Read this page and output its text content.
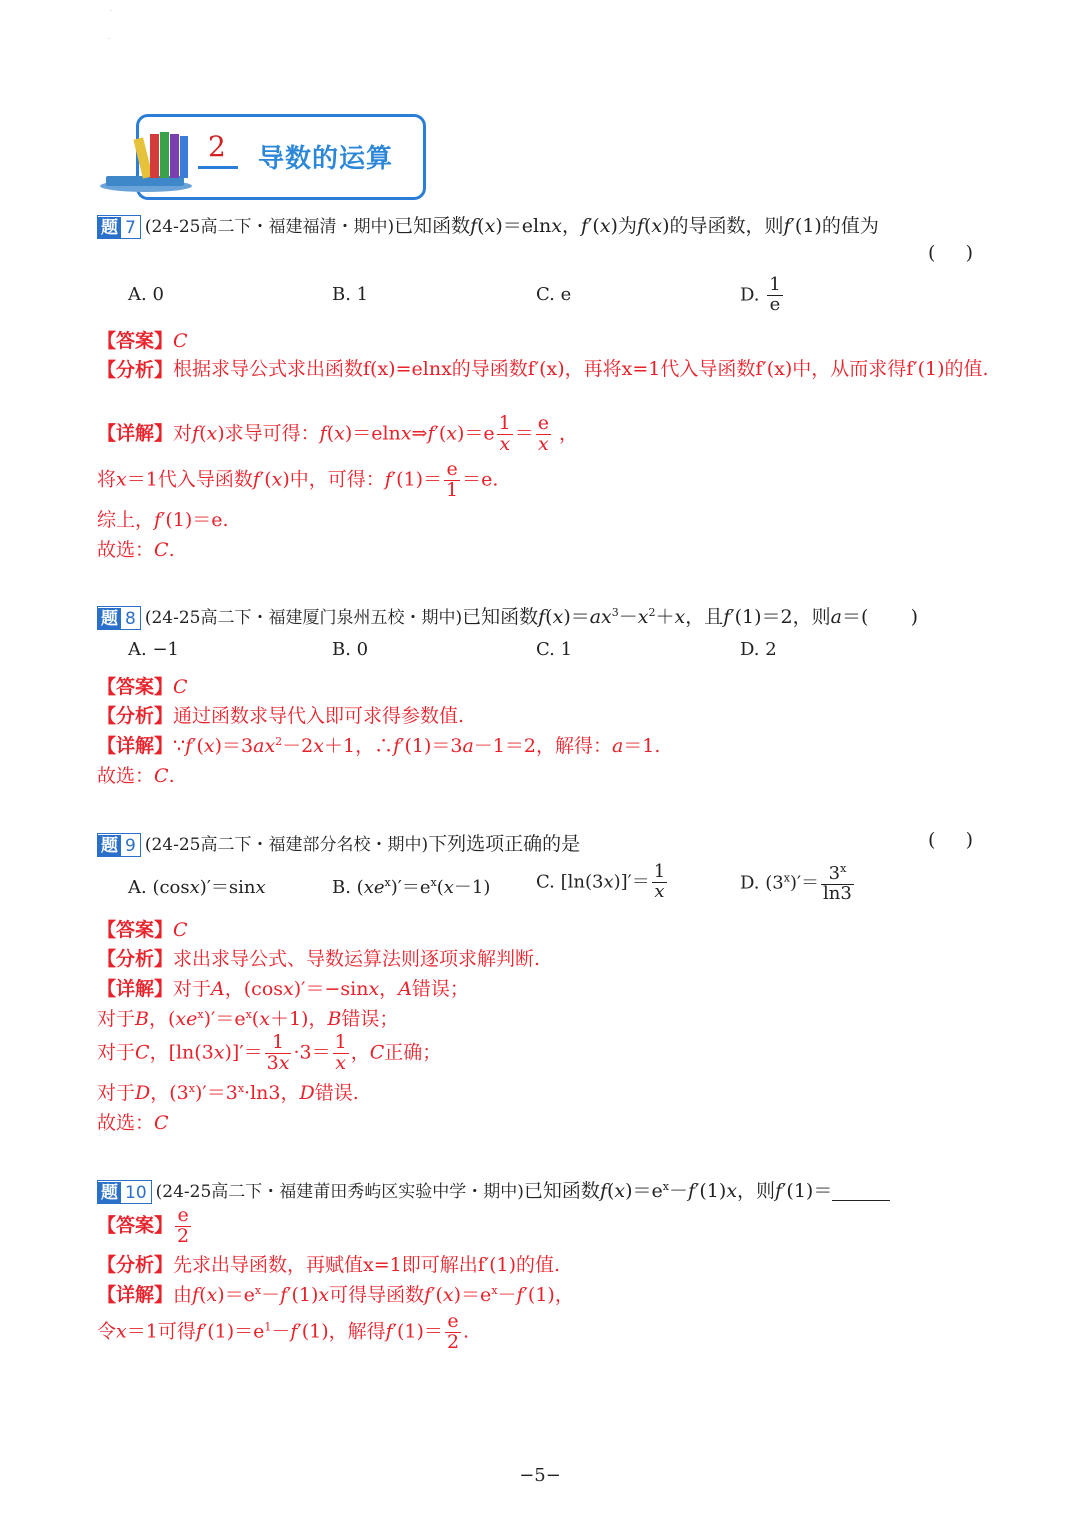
·
·
2 导数的运算
题 7 (24-25高二下・福建福清・期中)已知函数f(x)＝elnx，f′(x)为f(x)的导函数，则f′(1)的值为
(     )
A. 0	B. 1	C. e	D. $\frac{1}{e}$
【答案】C
【分析】根据求导公式求出函数f(x)=elnx的导函数f′(x)，再将x=1代入导函数f′(x)中，从而求得f′(1)的值.
【详解】对f(x)求导可得：f(x)＝elnx⇒f′(x)＝e $\frac{1}{x} = \frac{e}{x}$ ，
将x＝1代入导函数f′(x)中，可得：$f'(1)= \frac{e}{1} =e$.
综上，f′(1)＝e.
故选：C.
题 8 (24-25高二下・福建厦门泉州五校・期中)已知函数$f(x)=ax^3-x^2+x$，且f′(1)＝2，则a＝(       )
A. −1	B. 0	C. 1	D. 2
【答案】C
【分析】通过函数求导代入即可求得参数值.
【详解】$\because f'(x)=3ax^2-2x+1$，∴f′(1)＝3a－1＝2，解得：a＝1.
故选：C.
题 9 (24-25高二下・福建部分名校・期中)下列选项正确的是	(     )
A. (cosx)′＝sinx	B. $(xe^x)'=e^x(x-1)$	C. $[\ln(3x)]'= \frac{1}{x}$	D. $(3^x)'= \frac{3^x}{\ln 3}$
【答案】C
【分析】求出求导公式、导数运算法则逐项求解判断.
【详解】对于A，(cosx)′＝−sinx，A错误；
对于B，$(xe^x)'=e^x(x+1)$，B错误；
对于C，$[\ln(3x)]'= \frac{1}{3x} \cdot 3= \frac{1}{x}$ ，C正确；
对于D，$(3^x)'=3^x\cdot\ln 3$，D错误.
故选：C
题 10 (24-25高二下・福建莆田秀屿区实验中学・期中)已知函数$f(x)=e^x-f'(1)x$，则f′(1)＝
【答案】 $\frac{e}{2}$
【分析】先求出导函数，再赋值x=1即可解出f′(1)的值.
【详解】由$f(x)=e^x-f'(1)x$可得导函数$f'(x)=e^x-f'(1)$，
令x＝1可得$f'(1)=e^1-f'(1)$，解得$f'(1)= \frac{e}{2}$ .
−5−
